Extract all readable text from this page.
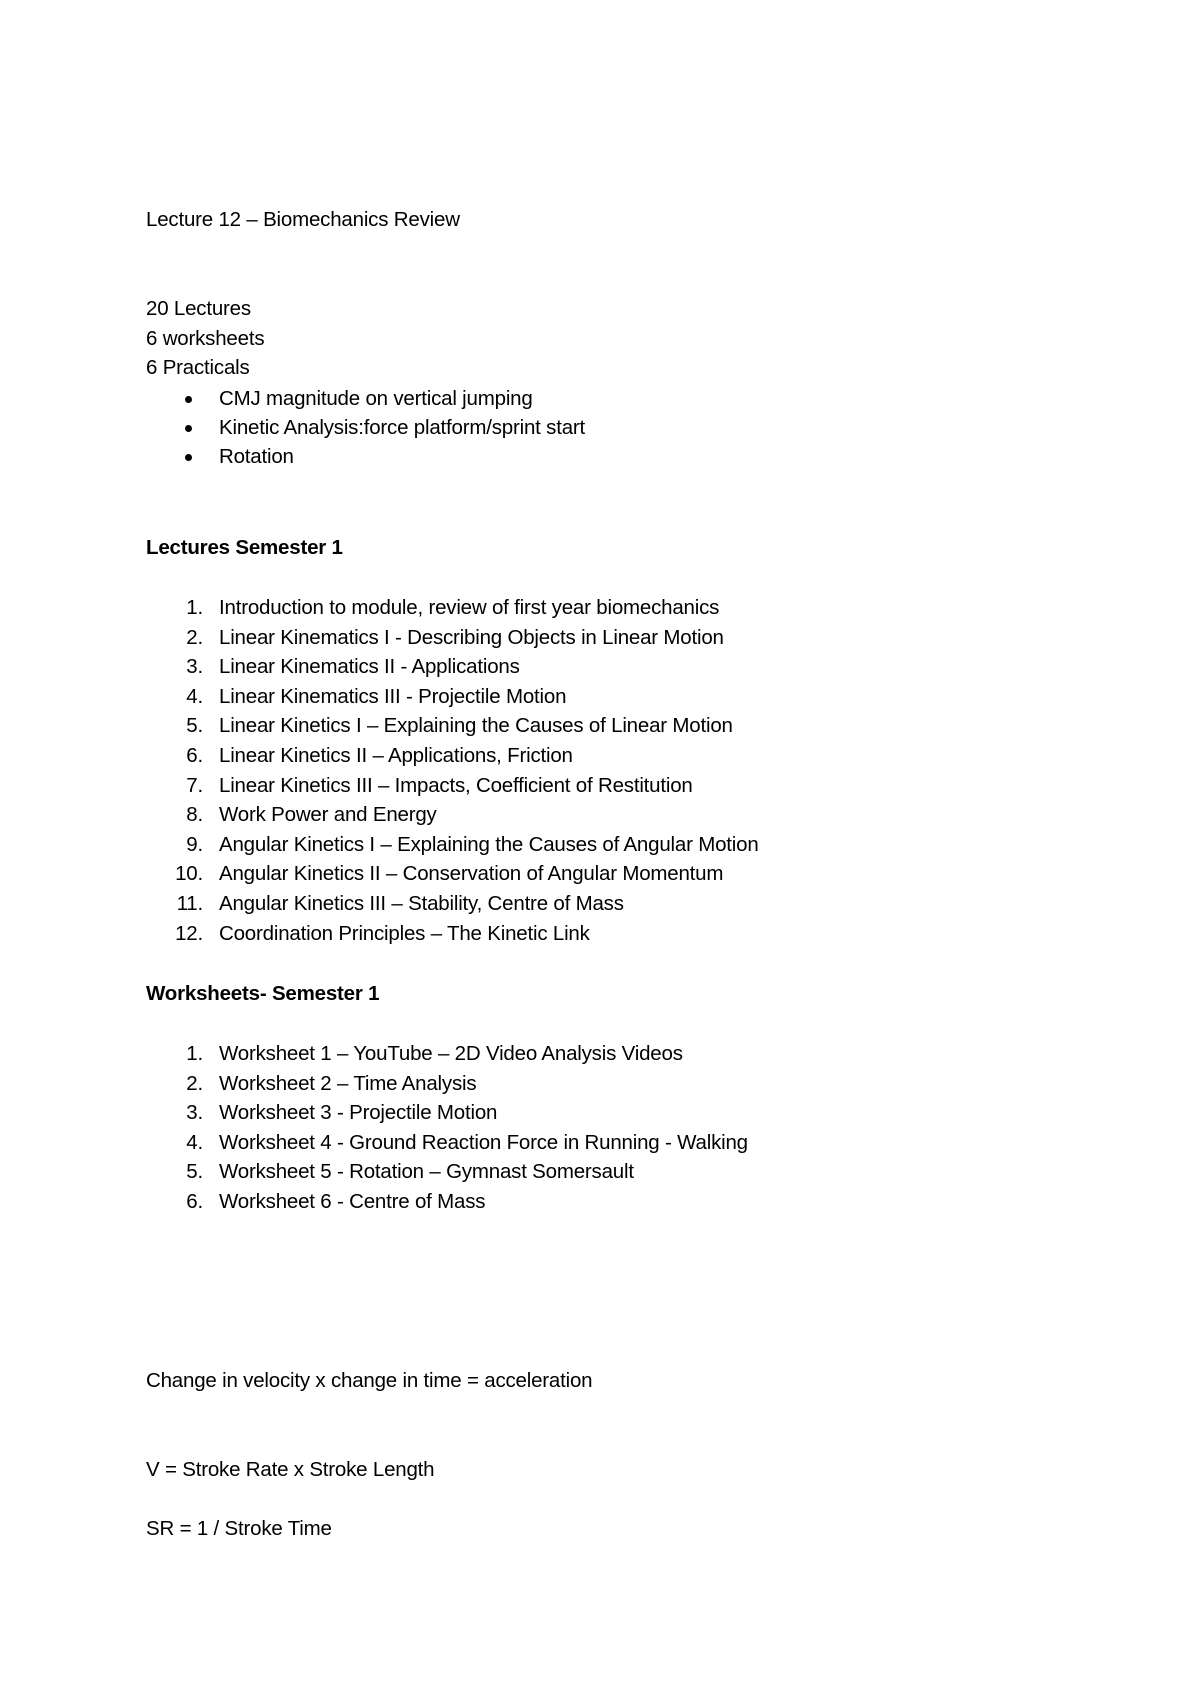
Lecture 12 – Biomechanics Review
20 Lectures
6 worksheets
6 Practicals
CMJ magnitude on vertical jumping
Kinetic Analysis:force platform/sprint start
Rotation
Lectures Semester 1
1. Introduction to module, review of first year biomechanics
2. Linear Kinematics I - Describing Objects in Linear Motion
3. Linear Kinematics II - Applications
4. Linear Kinematics III - Projectile Motion
5. Linear Kinetics I – Explaining the Causes of Linear Motion
6. Linear Kinetics II – Applications, Friction
7. Linear Kinetics III – Impacts, Coefficient of Restitution
8. Work Power and Energy
9. Angular Kinetics I – Explaining the Causes of Angular Motion
10. Angular Kinetics II – Conservation of Angular Momentum
11. Angular Kinetics III – Stability, Centre of Mass
12. Coordination Principles – The Kinetic Link
Worksheets- Semester 1
1. Worksheet 1 – YouTube – 2D Video Analysis Videos
2. Worksheet 2 – Time Analysis
3. Worksheet 3 - Projectile Motion
4. Worksheet 4 - Ground Reaction Force in Running - Walking
5. Worksheet 5 - Rotation – Gymnast Somersault
6. Worksheet 6 - Centre of Mass
Change in velocity x change in time = acceleration
V = Stroke Rate x Stroke Length
SR = 1 / Stroke Time
